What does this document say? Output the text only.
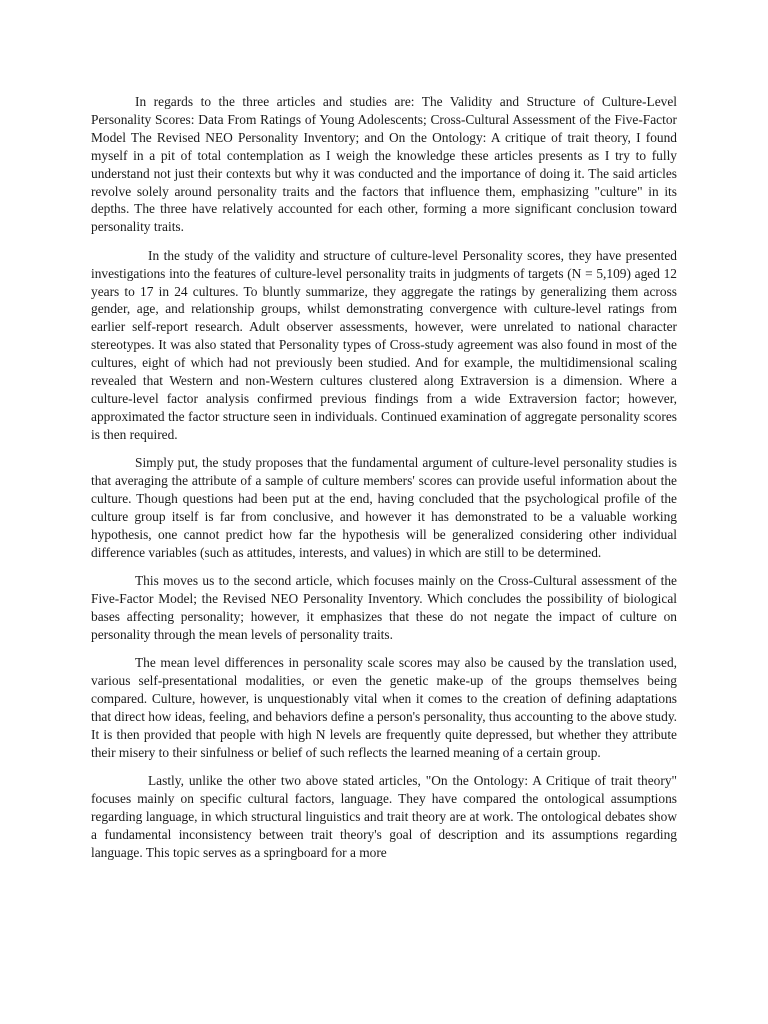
In regards to the three articles and studies are: The Validity and Structure of Culture-Level Personality Scores: Data From Ratings of Young Adolescents; Cross-Cultural Assessment of the Five-Factor Model The Revised NEO Personality Inventory; and On the Ontology: A critique of trait theory, I found myself in a pit of total contemplation as I weigh the knowledge these articles presents as I try to fully understand not just their contexts but why it was conducted and the importance of doing it. The said articles revolve solely around personality traits and the factors that influence them, emphasizing "culture" in its depths. The three have relatively accounted for each other, forming a more significant conclusion toward personality traits.

In the study of the validity and structure of culture-level Personality scores, they have presented investigations into the features of culture-level personality traits in judgments of targets (N = 5,109) aged 12 years to 17 in 24 cultures. To bluntly summarize, they aggregate the ratings by generalizing them across gender, age, and relationship groups, whilst demonstrating convergence with culture-level ratings from earlier self-report research. Adult observer assessments, however, were unrelated to national character stereotypes. It was also stated that Personality types of Cross-study agreement was also found in most of the cultures, eight of which had not previously been studied. And for example, the multidimensional scaling revealed that Western and non-Western cultures clustered along Extraversion is a dimension. Where a culture-level factor analysis confirmed previous findings from a wide Extraversion factor; however, approximated the factor structure seen in individuals. Continued examination of aggregate personality scores is then required.

Simply put, the study proposes that the fundamental argument of culture-level personality studies is that averaging the attribute of a sample of culture members' scores can provide useful information about the culture. Though questions had been put at the end, having concluded that the psychological profile of the culture group itself is far from conclusive, and however it has demonstrated to be a valuable working hypothesis, one cannot predict how far the hypothesis will be generalized considering other individual difference variables (such as attitudes, interests, and values) in which are still to be determined.

This moves us to the second article, which focuses mainly on the Cross-Cultural assessment of the Five-Factor Model; the Revised NEO Personality Inventory. Which concludes the possibility of biological bases affecting personality; however, it emphasizes that these do not negate the impact of culture on personality through the mean levels of personality traits.

The mean level differences in personality scale scores may also be caused by the translation used, various self-presentational modalities, or even the genetic make-up of the groups themselves being compared. Culture, however, is unquestionably vital when it comes to the creation of defining adaptations that direct how ideas, feeling, and behaviors define a person's personality, thus accounting to the above study. It is then provided that people with high N levels are frequently quite depressed, but whether they attribute their misery to their sinfulness or belief of such reflects the learned meaning of a certain group.

Lastly, unlike the other two above stated articles, "On the Ontology: A Critique of trait theory" focuses mainly on specific cultural factors, language. They have compared the ontological assumptions regarding language, in which structural linguistics and trait theory are at work. The ontological debates show a fundamental inconsistency between trait theory's goal of description and its assumptions regarding language. This topic serves as a springboard for a more
